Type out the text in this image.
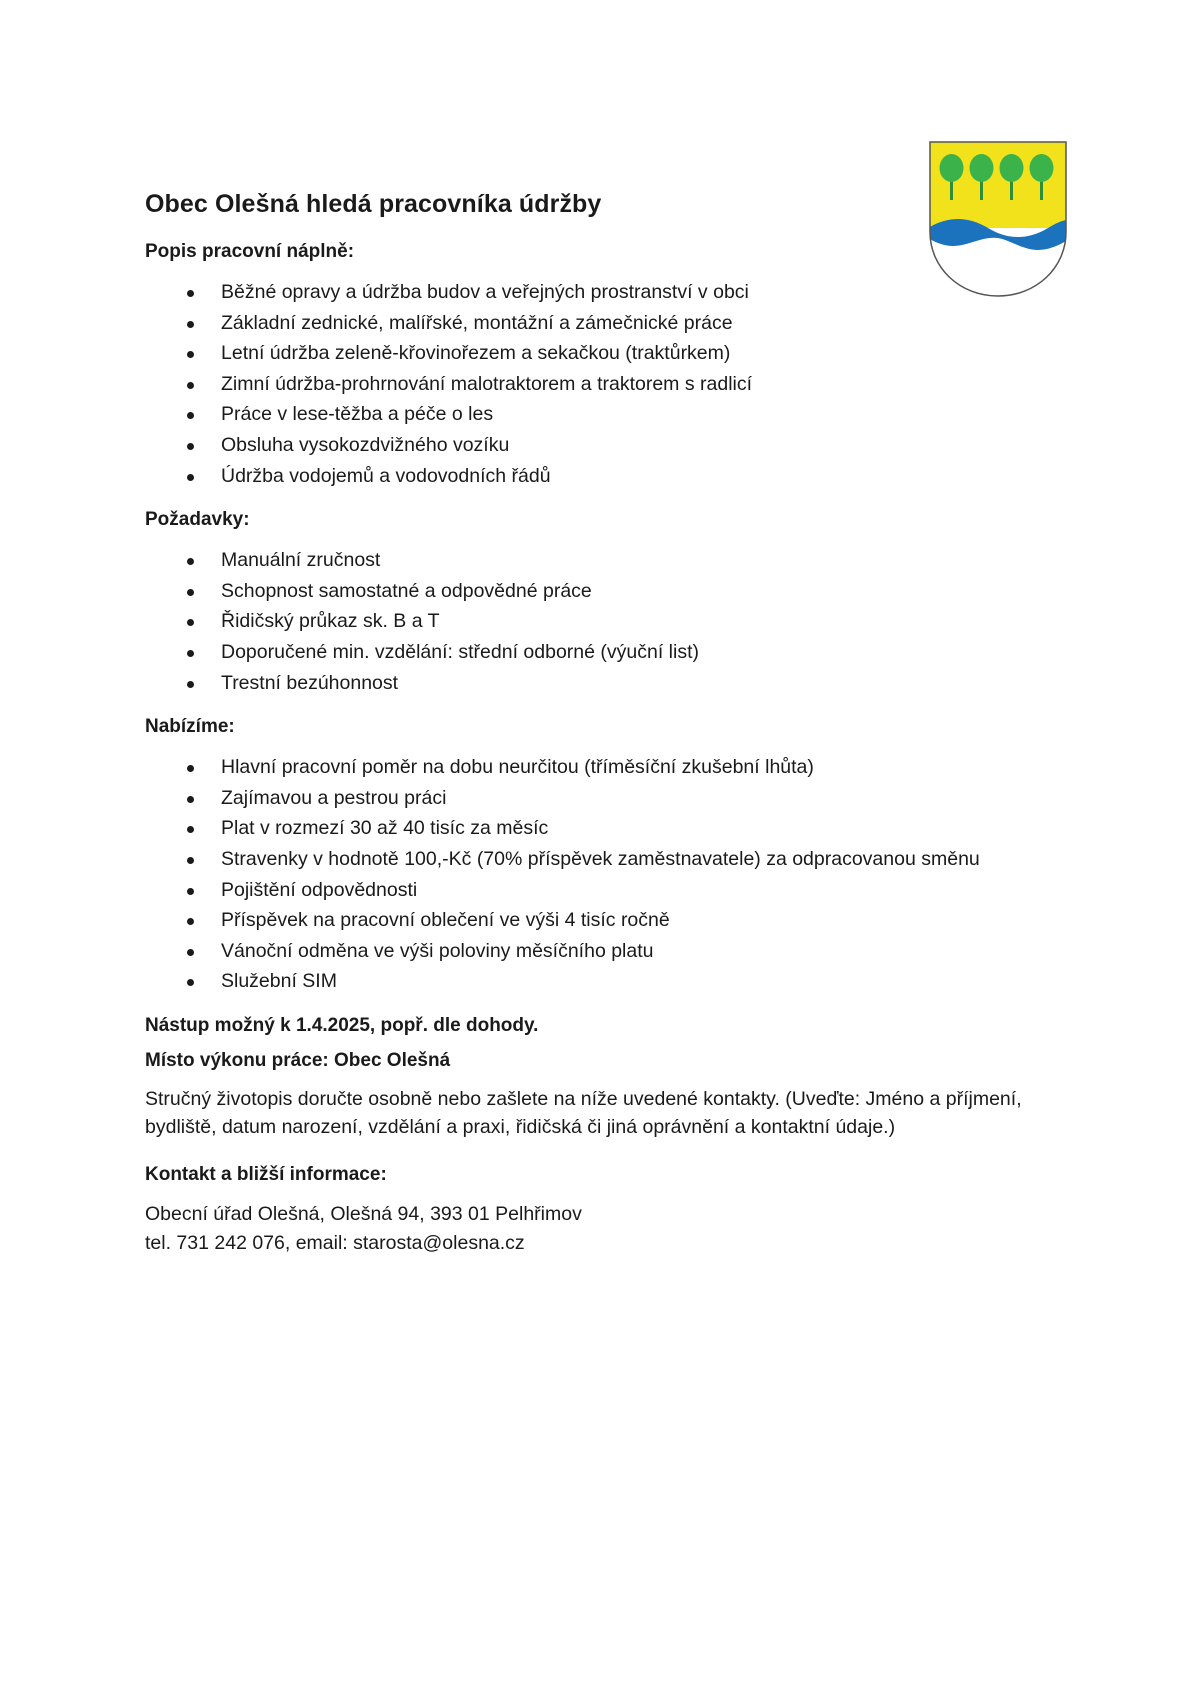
Obec Olešná hledá pracovníka údržby
Popis pracovní náplně:
Běžné opravy a údržba budov a veřejných prostranství v obci
Základní zednické, malířské, montážní a zámečnické práce
Letní údržba zeleně-křovinořezem a sekačkou (traktůrkem)
Zimní údržba-prohrnování malotraktorem a traktorem s radlicí
Práce v lese-těžba a péče o les
Obsluha vysokozdvižného vozíku
Údržba vodojemů a vodovodních řádů
Požadavky:
Manuální zručnost
Schopnost samostatné a odpovědné práce
Řidičský průkaz sk. B a T
Doporučené min. vzdělání: střední odborné (výuční list)
Trestní bezúhonnost
Nabízíme:
Hlavní pracovní poměr na dobu neurčitou (tříměsíční zkušební lhůta)
Zajímavou a pestrou práci
Plat v rozmezí 30 až 40 tisíc za měsíc
Stravenky v hodnotě 100,-Kč (70% příspěvek zaměstnavatele) za odpracovanou směnu
Pojištění odpovědnosti
Příspěvek na pracovní oblečení ve výši 4 tisíc ročně
Vánoční odměna ve výši poloviny měsíčního platu
Služební SIM

Nástup možný k 1.4.2025, popř. dle dohody.

Místo výkonu práce: Obec Olešná

Stručný životopis doručte osobně nebo zašlete na níže uvedené kontakty. (Uveďte: Jméno a příjmení, bydliště, datum narození, vzdělání a praxi, řidičská či jiná oprávnění a kontaktní údaje.)

Kontakt a bližší informace:

Obecní úřad Olešná, Olešná 94, 393 01 Pelhřimov

tel. 731 242 076, email: starosta@olesna.cz
